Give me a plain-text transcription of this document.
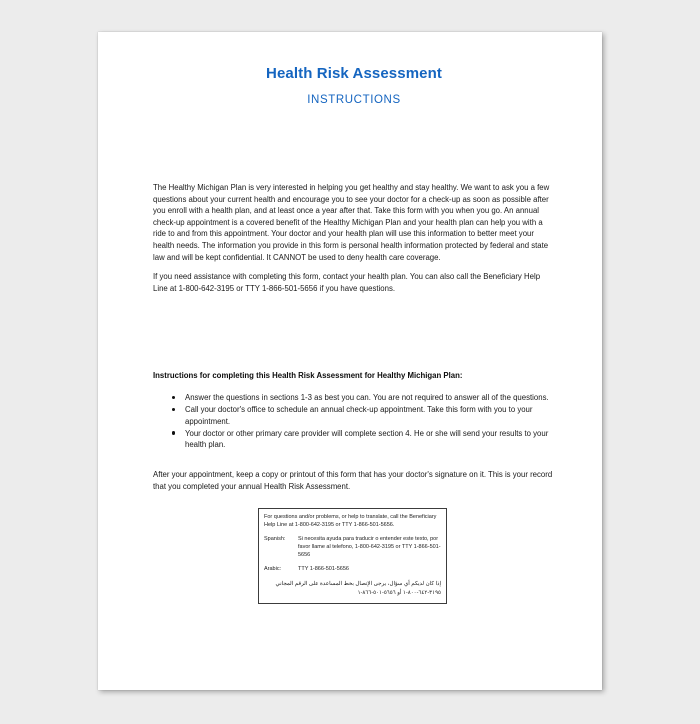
Health Risk Assessment
INSTRUCTIONS
The Healthy Michigan Plan is very interested in helping you get healthy and stay healthy. We want to ask you a few questions about your current health and encourage you to see your doctor for a check-up as soon as possible after you enroll with a health plan, and at least once a year after that. Take this form with you when you go. An annual check-up appointment is a covered benefit of the Healthy Michigan Plan and your health plan can help you with a ride to and from this appointment. Your doctor and your health plan will use this information to better meet your health needs. The information you provide in this form is personal health information protected by federal and state law and will be kept confidential. It CANNOT be used to deny health care coverage.
If you need assistance with completing this form, contact your health plan. You can also call the Beneficiary Help Line at 1-800-642-3195 or TTY 1-866-501-5656 if you have questions.
Instructions for completing this Health Risk Assessment for Healthy Michigan Plan:
Answer the questions in sections 1-3 as best you can. You are not required to answer all of the questions.
Call your doctor's office to schedule an annual check-up appointment. Take this form with you to your appointment.
Your doctor or other primary care provider will complete section 4. He or she will send your results to your health plan.
After your appointment, keep a copy or printout of this form that has your doctor's signature on it. This is your record that you completed your annual Health Risk Assessment.

For questions and/or problems, or help to translate, call the Beneficiary Help Line at 1-800-642-3195 or TTY 1-866-501-5656.

Spanish:	Si necesita ayuda para traducir o entender este texto, por favor llame al telefono, 1-800-642-3195 or TTY 1-866-501-5656
Arabic:	TTY 1-866-501-5656

إذا كان لديكم أي سؤال، يرجى الإتصال بخط المساعدة على الرقم المجاني ٣١٩٥-٦٤٢-٨٠٠-١ أو ٥٦٥٦-٥٠١-٨٦٦-١
